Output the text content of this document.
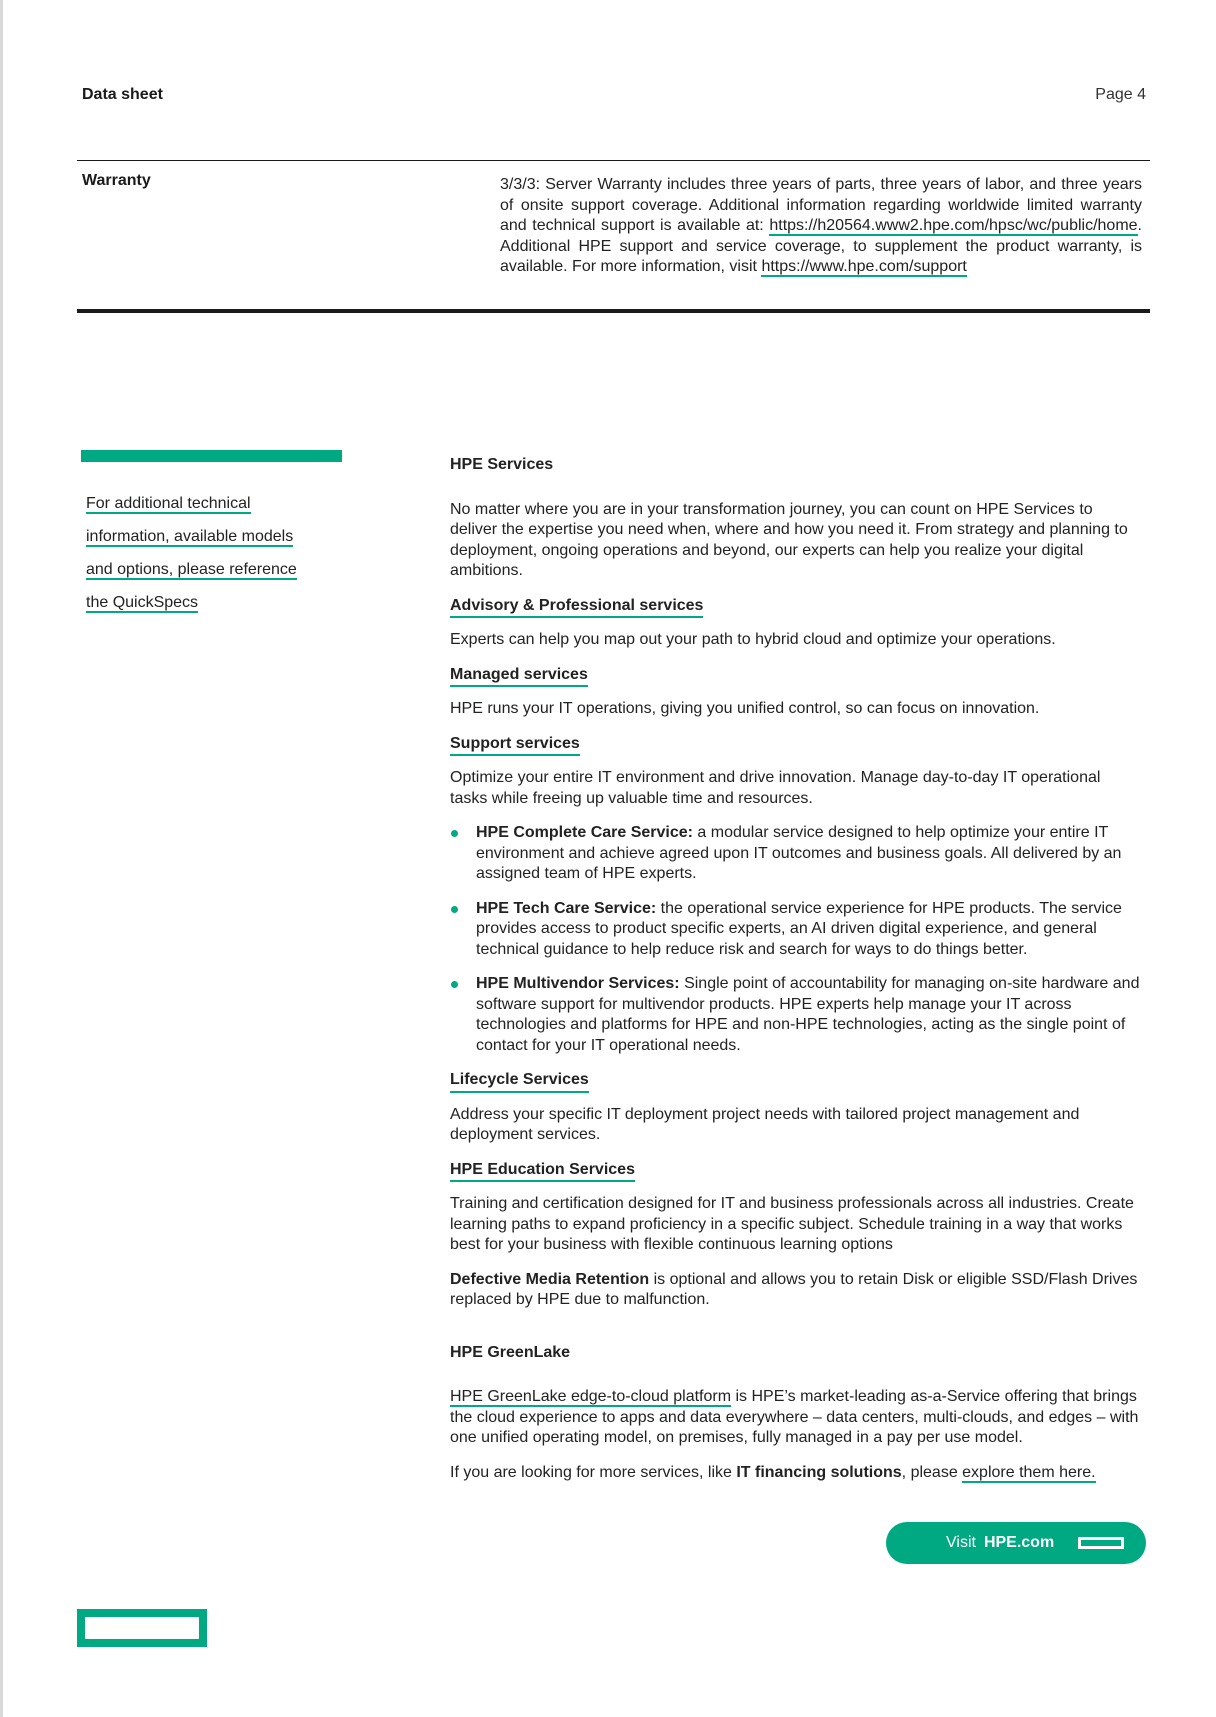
Data sheet	Page 4
Warranty	3/3/3: Server Warranty includes three years of parts, three years of labor, and three years of onsite support coverage. Additional information regarding worldwide limited warranty and technical support is available at: https://h20564.www2.hpe.com/hpsc/wc/public/home. Additional HPE support and service coverage, to supplement the product warranty, is available. For more information, visit https://www.hpe.com/support
For additional technical
information, available models
and options, please reference
the QuickSpecs

HPE Services

No matter where you are in your transformation journey, you can count on HPE Services to deliver the expertise you need when, where and how you need it. From strategy and planning to deployment, ongoing operations and beyond, our experts can help you realize your digital ambitions.

Advisory & Professional services

Experts can help you map out your path to hybrid cloud and optimize your operations.

Managed services

HPE runs your IT operations, giving you unified control, so can focus on innovation.

Support services

Optimize your entire IT environment and drive innovation. Manage day-to-day IT operational tasks while freeing up valuable time and resources.

HPE Complete Care Service: a modular service designed to help optimize your entire IT environment and achieve agreed upon IT outcomes and business goals. All delivered by an assigned team of HPE experts.
HPE Tech Care Service: the operational service experience for HPE products. The service provides access to product specific experts, an AI driven digital experience, and general technical guidance to help reduce risk and search for ways to do things better.
HPE Multivendor Services: Single point of accountability for managing on-site hardware and software support for multivendor products. HPE experts help manage your IT across technologies and platforms for HPE and non-HPE technologies, acting as the single point of contact for your IT operational needs.

Lifecycle Services

Address your specific IT deployment project needs with tailored project management and deployment services.

HPE Education Services

Training and certification designed for IT and business professionals across all industries. Create learning paths to expand proficiency in a specific subject. Schedule training in a way that works best for your business with flexible continuous learning options

Defective Media Retention is optional and allows you to retain Disk or eligible SSD/Flash Drives replaced by HPE due to malfunction.

HPE GreenLake

HPE GreenLake edge-to-cloud platform is HPE’s market-leading as-a-Service offering that brings the cloud experience to apps and data everywhere – data centers, multi-clouds, and edges – with one unified operating model, on premises, fully managed in a pay per use model.

If you are looking for more services, like IT financing solutions, please explore them here.

Visit HPE.com
